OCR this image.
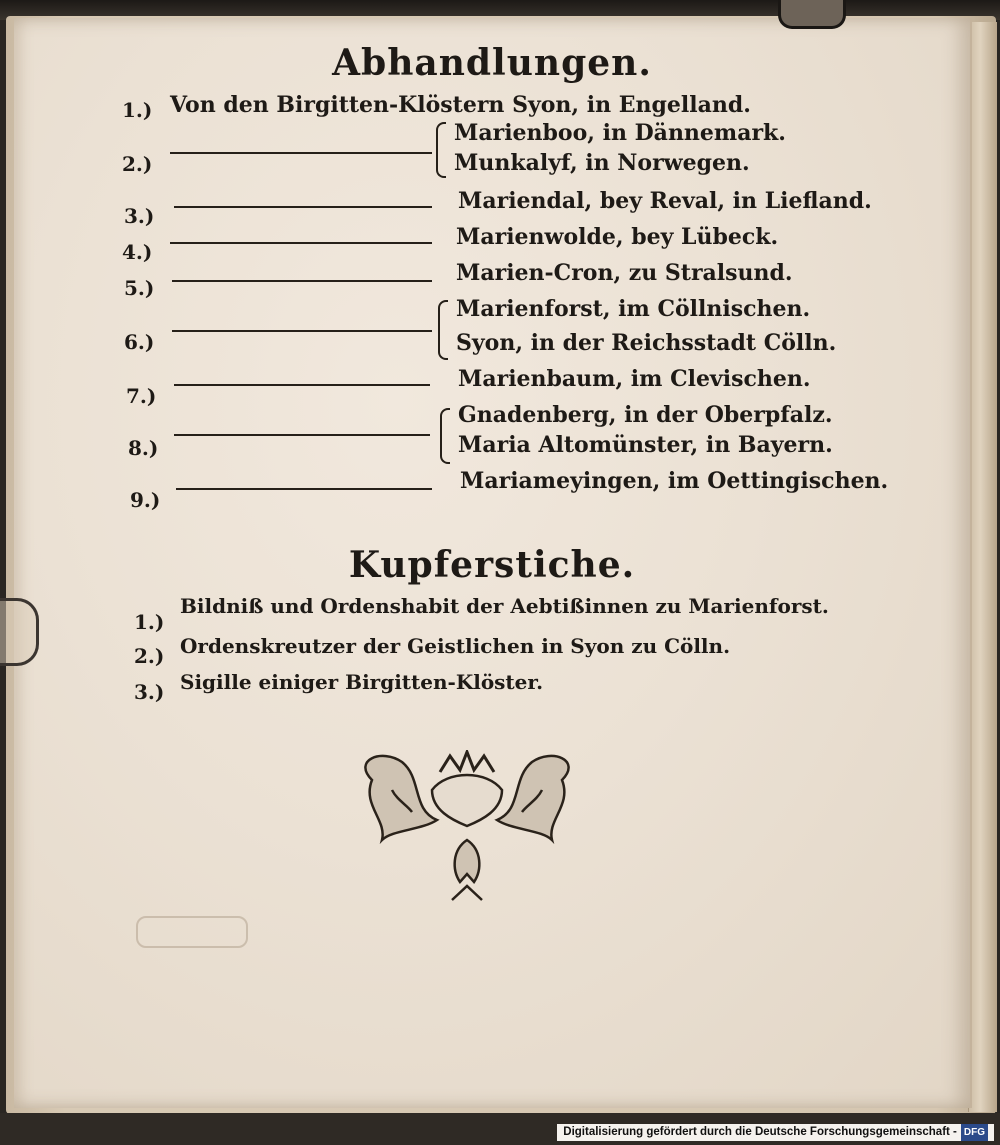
Abhandlungen.
1.) Von den Birgitten-Klöstern Syon, in Engelland.
2.)
Marienboo, in Dännemark.
Munkalyf, in Norwegen.
3.)
Mariendal, bey Reval, in Liefland.
4.)
Marienwolde, bey Lübeck.
5.)
Marien-Cron, zu Stralsund.
6.)
Marienforst, im Cöllnischen.
Syon, in der Reichsstadt Cölln.
7.)
Marienbaum, im Clevischen.
8.)
Gnadenberg, in der Oberpfalz.
Maria Altomünster, in Bayern.
9.)
Mariameyingen, im Oettingischen.
Kupferstiche.
1.)
Bildniß und Ordenshabit der Aebtißinnen zu Marienforst.
2.) Ordenskreutzer der Geistlichen in Syon zu Cölln.
3.) Sigille einiger Birgitten-Klöster.
Digitalisierung gefördert durch die Deutsche Forschungsgemeinschaft - DFG
